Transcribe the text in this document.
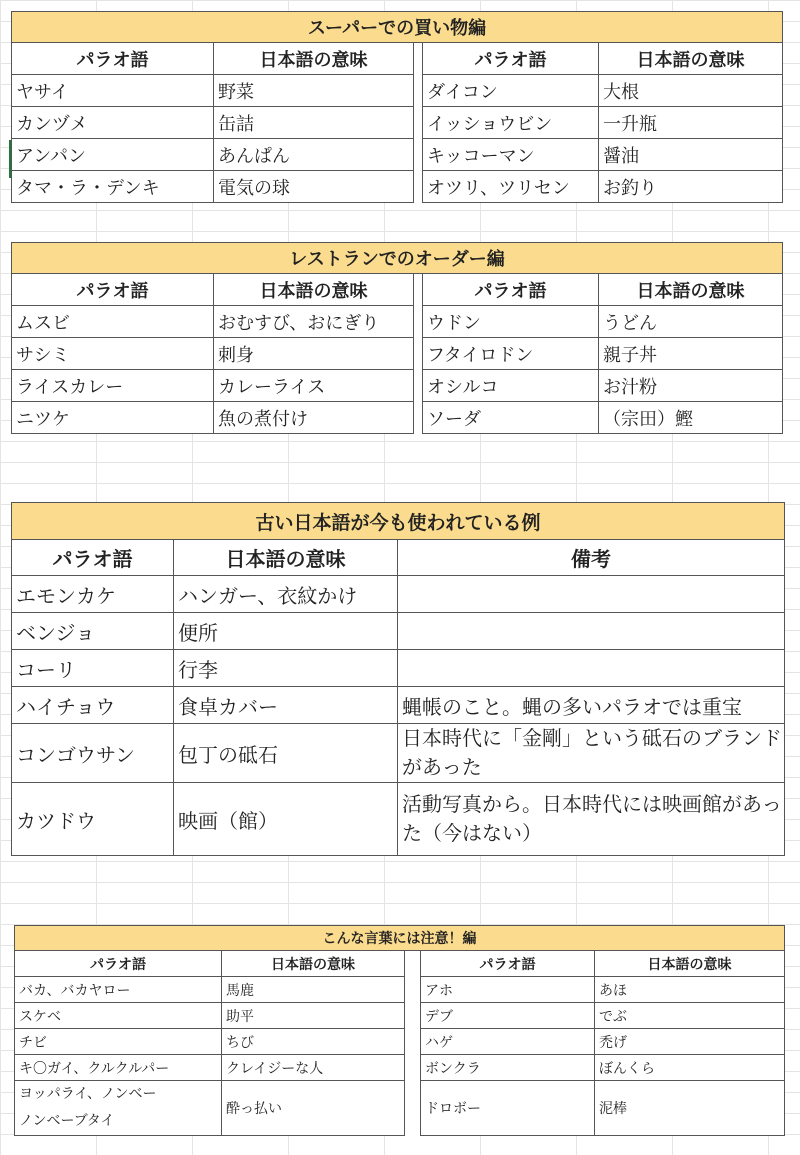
スーパーでの買い物編				
パラオ語	日本語の意味		パラオ語	日本語の意味
ヤサイ	野菜		ダイコン	大根
カンヅメ	缶詰		イッショウビン	一升瓶
アンパン	あんぱん		キッコーマン	醤油
タマ・ラ・デンキ	電気の球		オツリ、ツリセン	お釣り
レストランでのオーダー編				
パラオ語	日本語の意味		パラオ語	日本語の意味
ムスビ	おむすび、おにぎり		ウドン	うどん
サシミ	刺身		フタイロドン	親子丼
ライスカレー	カレーライス		オシルコ	お汁粉
ニツケ	魚の煮付け		ソーダ	（宗田）鰹
古い日本語が今も使われている例		
パラオ語	日本語の意味	備考
エモンカケ	ハンガー、衣紋かけ	
ベンジョ	便所	
コーリ	行李	
ハイチョウ	食卓カバー	蝿帳のこと。蝿の多いパラオでは重宝
コンゴウサン	包丁の砥石	日本時代に「金剛」という砥石のブランドがあった
カツドウ	映画（館）	活動写真から。日本時代には映画館があった（今はない）
こんな言葉には注意！編				
パラオ語	日本語の意味		パラオ語	日本語の意味
バカ、バカヤロー	馬鹿		アホ	あほ
スケベ	助平		デブ	でぶ
チビ	ちび		ハゲ	禿げ
キ〇ガイ、クルクルパー	クレイジーな人		ボンクラ	ぼんくら
ヨッパライ、ノンベー
ノンベーブタイ	酔っ払い		ドロボー	泥棒
